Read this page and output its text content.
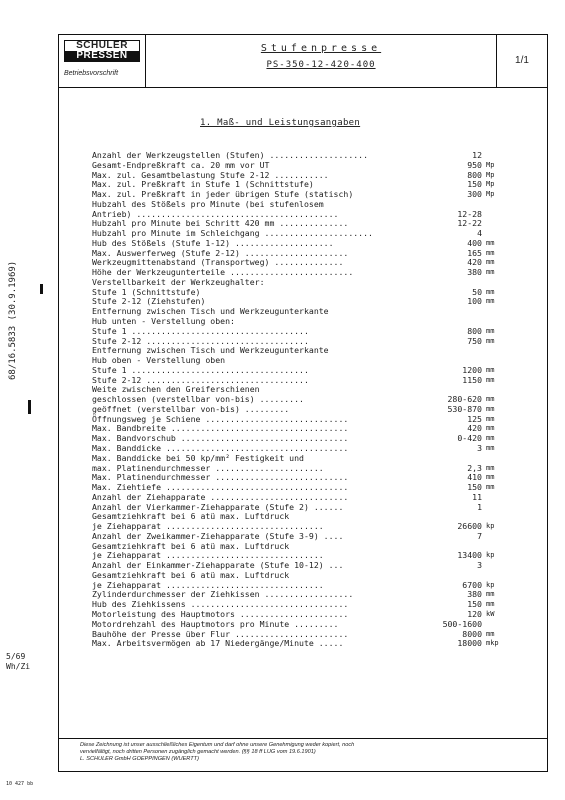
SCHULER
PRESSEN
Betriebsvorschrift
Stufenpresse
PS-350-12-420-400	1/1
1. Maß- und Leistungsangaben
Anzahl der Werkzeugstellen (Stufen) ....................	12
Gesamt-Endpreßkraft ca. 20 mm vor UT	950 Mp
Max. zul. Gesamtbelastung Stufe 2-12 ...........	800 Mp
Max. zul. Preßkraft in Stufe 1 (Schnittstufe)	150 Mp
Max. zul. Preßkraft in jeder übrigen Stufe (statisch)	300 Mp
Hubzahl des Stößels pro Minute (bei stufenlosem
Antrieb) .........................................	12-28
Hubzahl pro Minute bei Schritt 420 mm ..............	12-22
Hubzahl pro Minute im Schleichgang ......................	4
Hub des Stößels (Stufe 1-12) ....................	400 mm
Max. Auswerferweg (Stufe 2-12) .....................	165 mm
Werkzeugmittenabstand (Transportweg) ..............	420 mm
Höhe der Werkzeugunterteile .........................	380 mm
Verstellbarkeit der Werkzeughalter:
Stufe 1 (Schnittstufe)	50 mm
Stufe 2-12 (Ziehstufen)	100 mm
Entfernung zwischen Tisch und Werkzeugunterkante
Hub unten - Verstellung oben:
Stufe 1 ....................................	800 mm
Stufe 2-12 .................................	750 mm
Entfernung zwischen Tisch und Werkzeugunterkante
Hub oben - Verstellung oben
Stufe 1 ....................................	1200 mm
Stufe 2-12 .................................	1150 mm
Weite zwischen den Greiferschienen
geschlossen (verstellbar von-bis) .........	280-620 mm
geöffnet (verstellbar von-bis) .........	530-870 mm
Öffnungsweg je Schiene .............................	125 mm
Max. Bandbreite ....................................	420 mm
Max. Bandvorschub ..................................	0-420 mm
Max. Banddicke .....................................	3 mm
Max. Banddicke bei 50 kp/mm² Festigkeit und
max. Platinendurchmesser ......................	2,3 mm
Max. Platinendurchmesser ...........................	410 mm
Max. Ziehtiefe .....................................	150 mm
Anzahl der Ziehapparate ............................	11
Anzahl der Vierkammer-Ziehapparate (Stufe 2) ......	1
Gesamtziehkraft bei 6 atü max. Luftdruck
je Ziehapparat ................................	26600 kp
Anzahl der Zweikammer-Ziehapparate (Stufe 3-9) ....	7
Gesamtziehkraft bei 6 atü max. Luftdruck
je Ziehapparat ................................	13400 kp
Anzahl der Einkammer-Ziehapparate (Stufe 10-12) ...	3
Gesamtziehkraft bei 6 atü max. Luftdruck
je Ziehapparat ................................	6700 kp
Zylinderdurchmesser der Ziehkissen ..................	380 mm
Hub des Ziehkissens ................................	150 mm
Motorleistung des Hauptmotors ......................	120 kW
Motordrehzahl des Hauptmotors pro Minute .........	500-1600
Bauhöhe der Presse über Flur .......................	8000 mm
Max. Arbeitsvermögen ab 17 Niedergänge/Minute .....	18000 mkp
Diese Zeichnung ist unser ausschließliches Eigentum und darf ohne unsere Genehmigung weder kopiert, noch
vervielfältigt, noch dritten Personen zugänglich gemacht werden. (§§ 18 ff LUG vom 19.6.1901)
L. SCHULER GmbH GOEPPINGEN (WUERTT)
68/16.5833 (30.9.1969)
5/69
Wh/Zi
10 427 bb
